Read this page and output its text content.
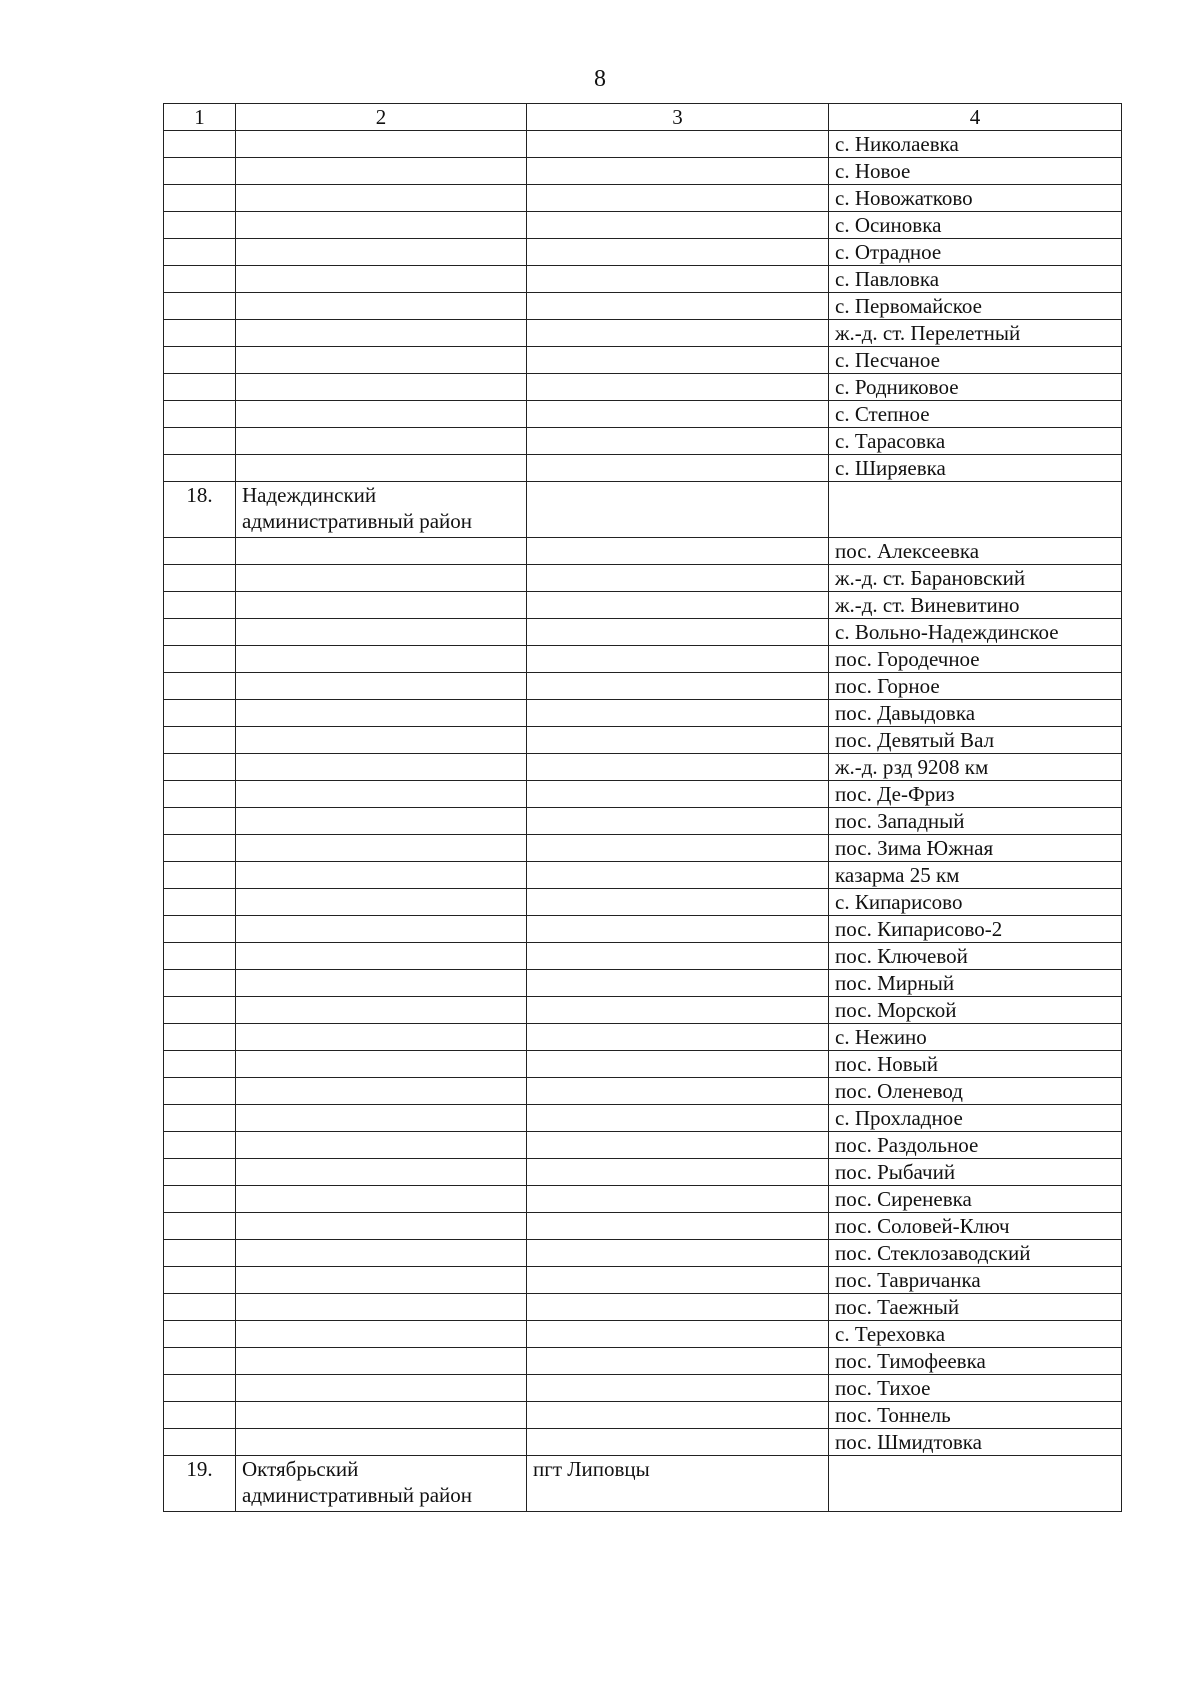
8
1	2	3	4
			с. Николаевка
			с. Новое
			с. Новожатково
			с. Осиновка
			с. Отрадное
			с. Павловка
			с. Первомайское
			ж.-д. ст. Перелетный
			с. Песчаное
			с. Родниковое
			с. Степное
			с. Тарасовка
			с. Ширяевка
18.	Надеждинский административный район		
			пос. Алексеевка
			ж.-д. ст. Барановский
			ж.-д. ст. Виневитино
			с. Вольно-Надеждинское
			пос. Городечное
			пос. Горное
			пос. Давыдовка
			пос. Девятый Вал
			ж.-д. рзд 9208 км
			пос. Де-Фриз
			пос. Западный
			пос. Зима Южная
			казарма 25 км
			с. Кипарисово
			пос. Кипарисово-2
			пос. Ключевой
			пос. Мирный
			пос. Морской
			с. Нежино
			пос. Новый
			пос. Оленевод
			с. Прохладное
			пос. Раздольное
			пос. Рыбачий
			пос. Сиреневка
			пос. Соловей-Ключ
			пос. Стеклозаводский
			пос. Тавричанка
			пос. Таежный
			с. Тереховка
			пос. Тимофеевка
			пос. Тихое
			пос. Тоннель
			пос. Шмидтовка
19.	Октябрьский административный район	пгт Липовцы	
